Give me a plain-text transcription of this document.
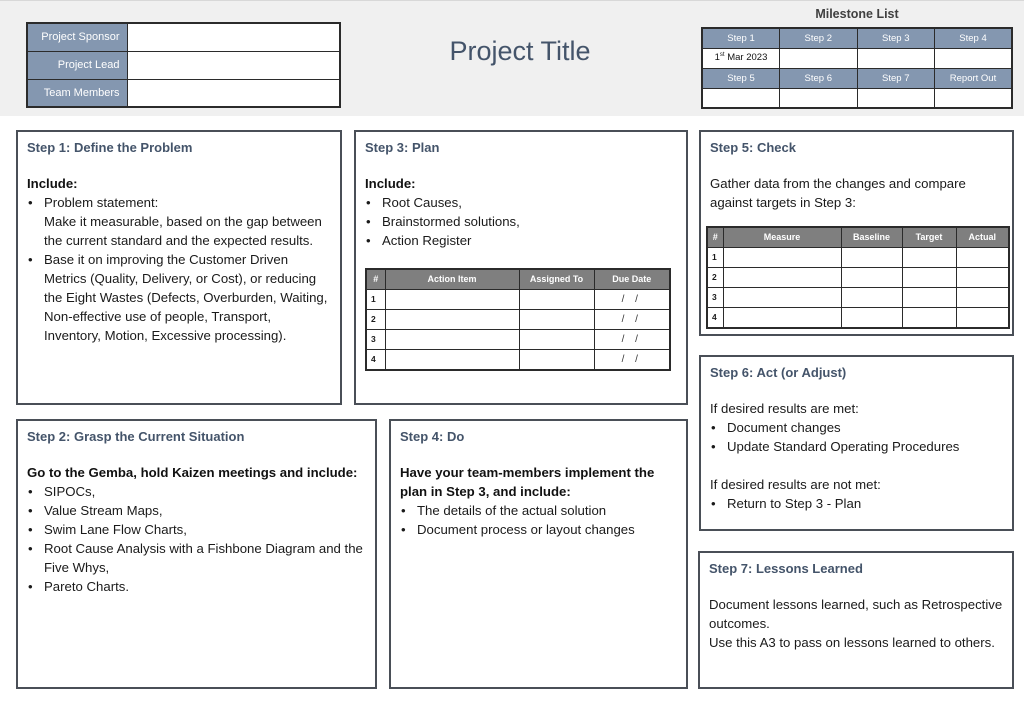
Project Sponsor	
Project Lead	
Team Members	
Project Title
Milestone List
Step 1	Step 2	Step 3	Step 4
1st Mar 2023			
Step 5	Step 6	Step 7	Report Out

Step 1: Define the Problem
Include:
• Problem statement:
Make it measurable, based on the gap between the current standard and the expected results.
• Base it on improving the Customer Driven Metrics (Quality, Delivery, or Cost), or reducing the Eight Wastes (Defects, Overburden, Waiting, Non-effective use of people, Transport, Inventory, Motion, Excessive processing).
Step 3: Plan
Include:
• Root Causes,
• Brainstormed solutions,
• Action Register
#	Action Item	Assigned To	Due Date
1			/ /
2			/ /
3			/ /
4			/ /
Step 5: Check
Gather data from the changes and compare against targets in Step 3:
#	Measure	Baseline	Target	Actual
1				
2				
3				
4				
Step 6: Act (or Adjust)
If desired results are met:
• Document changes
• Update Standard Operating Procedures
If desired results are not met:
• Return to Step 3 - Plan
Step 7: Lessons Learned
Document lessons learned, such as Retrospective outcomes.
Use this A3 to pass on lessons learned to others.
Step 2: Grasp the Current Situation
Go to the Gemba, hold Kaizen meetings and include:
• SIPOCs,
• Value Stream Maps,
• Swim Lane Flow Charts,
• Root Cause Analysis with a Fishbone Diagram and the Five Whys,
• Pareto Charts.
Step 4: Do
Have your team-members implement the plan in Step 3, and include:
• The details of the actual solution
• Document process or layout changes
